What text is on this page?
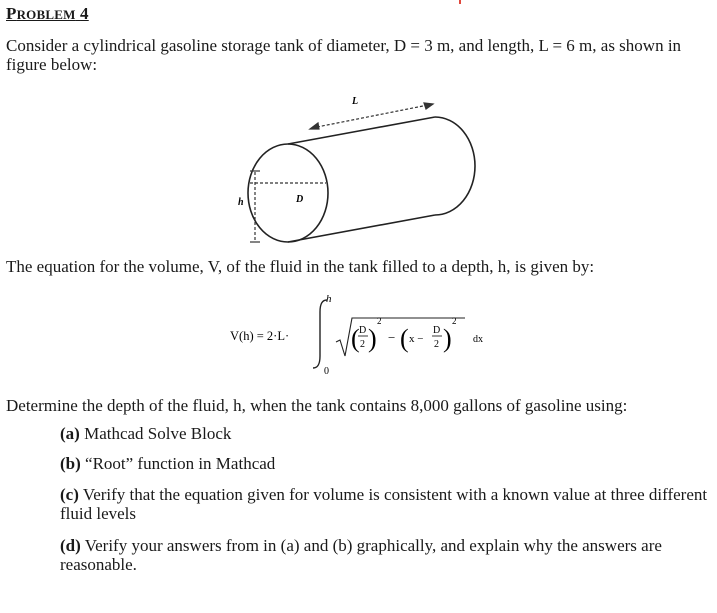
PROBLEM 4
Consider a cylindrical gasoline storage tank of diameter, D = 3 m, and length, L = 6 m, as shown in figure below:
L
D
h
The equation for the volume, V, of the fluid in the tank filled to a depth, h, is given by:
V(h) = 2·L·
h
0
( D
2 )
2
− ( x −
D
2 )
2
dx
Determine the depth of the fluid, h, when the tank contains 8,000 gallons of gasoline using:
(a) Mathcad Solve Block
(b) “Root” function in Mathcad
(c) Verify that the equation given for volume is consistent with a known value at three different fluid levels
(d) Verify your answers from in (a) and (b) graphically, and explain why the answers are reasonable.
